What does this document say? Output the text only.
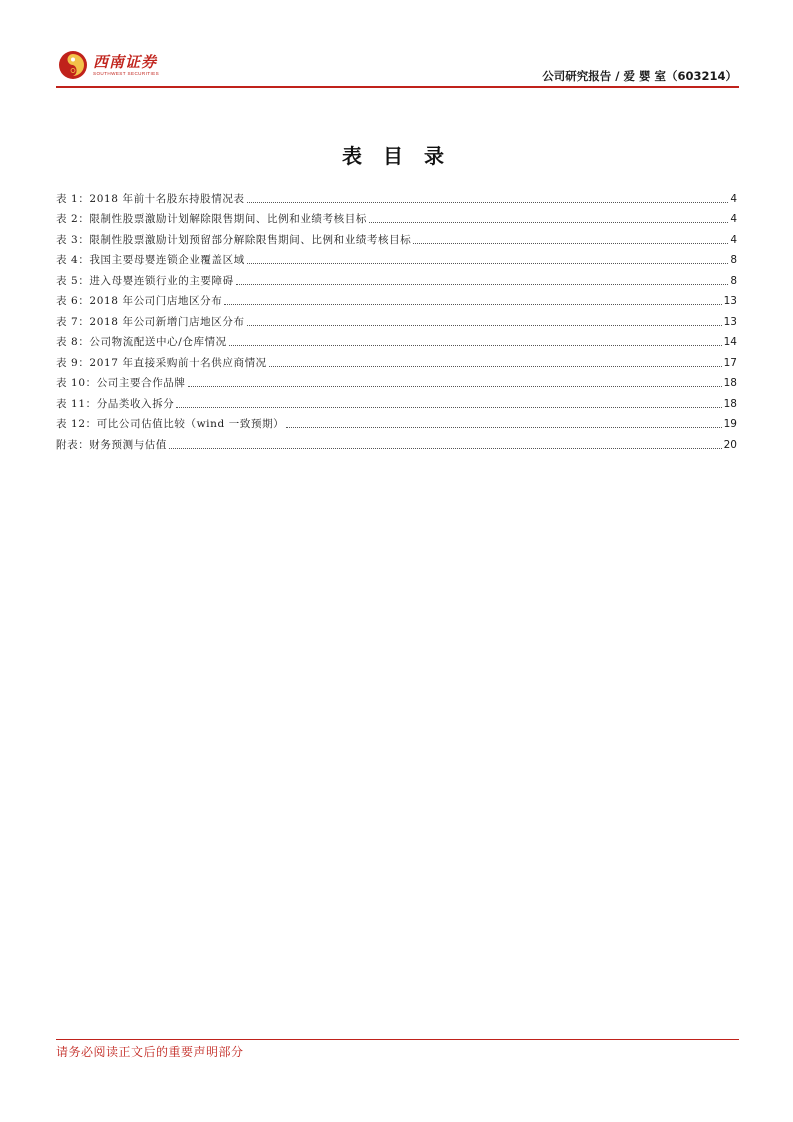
西南证券
SOUTHWEST SECURITIES	公司研究报告 / 爱 婴 室（603214）
表 目 录
表 1：2018 年前十名股东持股情况表	4
表 2：限制性股票激励计划解除限售期间、比例和业绩考核目标	4
表 3：限制性股票激励计划预留部分解除限售期间、比例和业绩考核目标	4
表 4：我国主要母婴连锁企业覆盖区域	8
表 5：进入母婴连锁行业的主要障碍	8
表 6：2018 年公司门店地区分布	13
表 7：2018 年公司新增门店地区分布	13
表 8：公司物流配送中心/仓库情况	14
表 9：2017 年直接采购前十名供应商情况	17
表 10：公司主要合作品牌	18
表 11：分品类收入拆分	18
表 12：可比公司估值比较（wind 一致预期）	19
附表：财务预测与估值	20
请务必阅读正文后的重要声明部分
